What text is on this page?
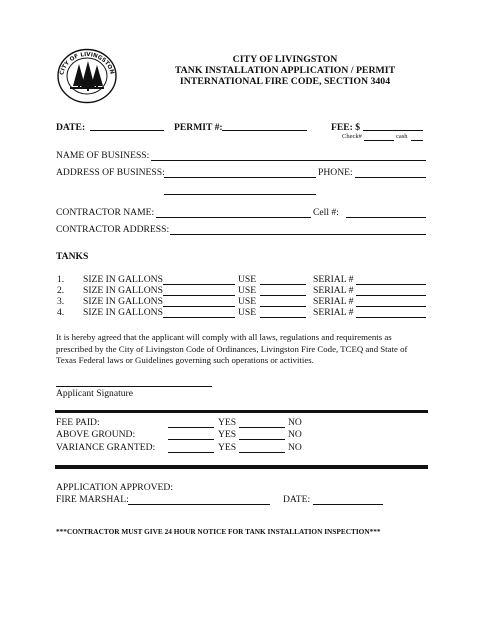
CITY OF LIVINGSTON
CITY OF LIVINGSTON
TANK INSTALLATION APPLICATION / PERMIT
INTERNATIONAL FIRE CODE, SECTION 3404
DATE:	PERMIT #:	FEE: $
Check#	cash
NAME OF BUSINESS:
ADDRESS OF BUSINESS:	PHONE:
CONTRACTOR NAME:	Cell #:
CONTRACTOR ADDRESS:
TANKS
1. SIZE IN GALLONS	USE	SERIAL #
2. SIZE IN GALLONS	USE	SERIAL #
3. SIZE IN GALLONS	USE	SERIAL #
4. SIZE IN GALLONS	USE	SERIAL #
It is hereby agreed that the applicant will comply with all laws, regulations and requirements as
prescribed by the City of Livingston Code of Ordinances, Livingston Fire Code, TCEQ and State of
Texas Federal laws or Guidelines governing such operations or activities.
Applicant Signature
FEE PAID:	YES	NO
ABOVE GROUND:	YES	NO
VARIANCE GRANTED:	YES	NO
APPLICATION APPROVED:
FIRE MARSHAL:	DATE:
***CONTRACTOR MUST GIVE 24 HOUR NOTICE FOR TANK INSTALLATION INSPECTION***
